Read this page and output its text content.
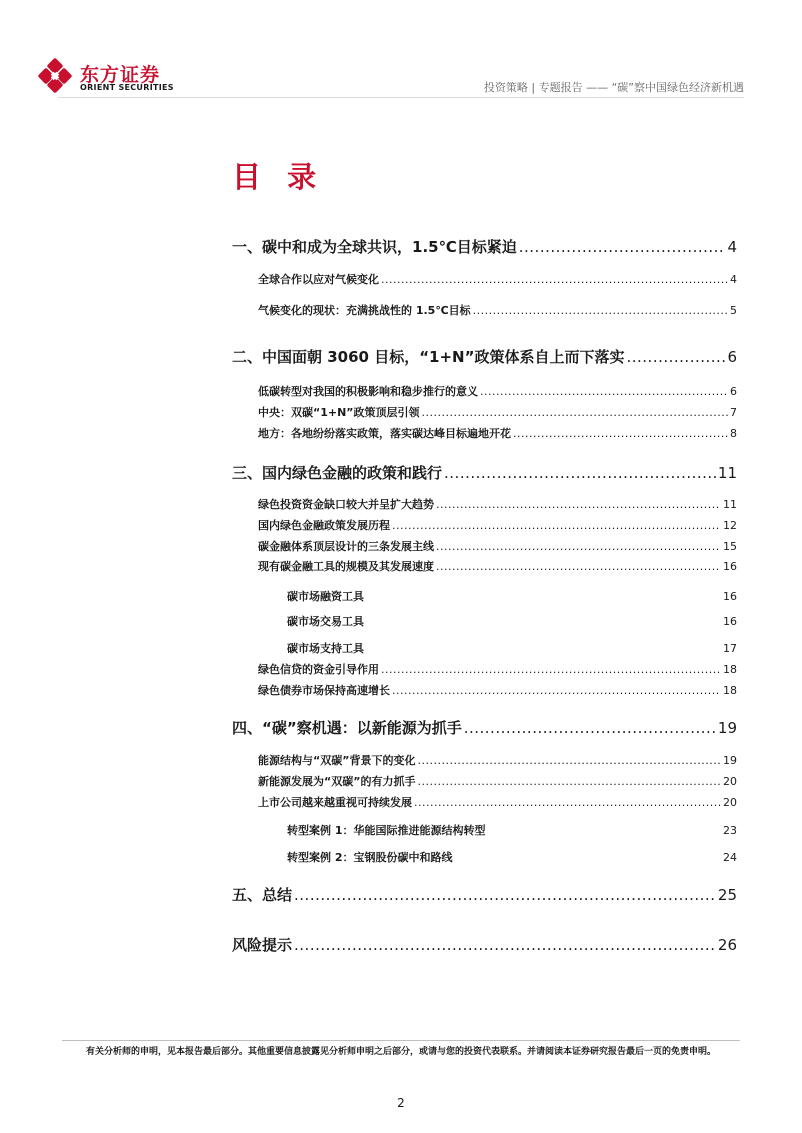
东方证券
ORIENT SECURITIES	投资策略 | 专题报告 —— “碳”察中国绿色经济新机遇
目 录
一、碳中和成为全球共识，1.5℃目标紧迫 .....	4
全球合作以应对气候变化 .....	4
气候变化的现状：充满挑战性的 1.5℃目标 .....	5
二、中国面朝 3060 目标，“1+N”政策体系自上而下落实 .....	6
低碳转型对我国的积极影响和稳步推行的意义 .....	6
中央：双碳“1+N”政策顶层引领 .....	7
地方：各地纷纷落实政策，落实碳达峰目标遍地开花 .....	8
三、国内绿色金融的政策和践行 .....	11
绿色投资资金缺口较大并呈扩大趋势 .....	11
国内绿色金融政策发展历程 .....	12
碳金融体系顶层设计的三条发展主线 .....	15
现有碳金融工具的规模及其发展速度 .....	16
碳市场融资工具	16
碳市场交易工具	16
碳市场支持工具	17
绿色信贷的资金引导作用 .....	18
绿色债券市场保持高速增长 .....	18
四、“碳”察机遇：以新能源为抓手 .....	19
能源结构与“双碳”背景下的变化 .....	19
新能源发展为“双碳”的有力抓手 .....	20
上市公司越来越重视可持续发展 .....	20
转型案例 1：华能国际推进能源结构转型	23
转型案例 2：宝钢股份碳中和路线	24
五、总结 .....	25
风险提示 .....	26
有关分析师的申明，见本报告最后部分。其他重要信息披露见分析师申明之后部分，或请与您的投资代表联系。并请阅读本证券研究报告最后一页的免责申明。
2
